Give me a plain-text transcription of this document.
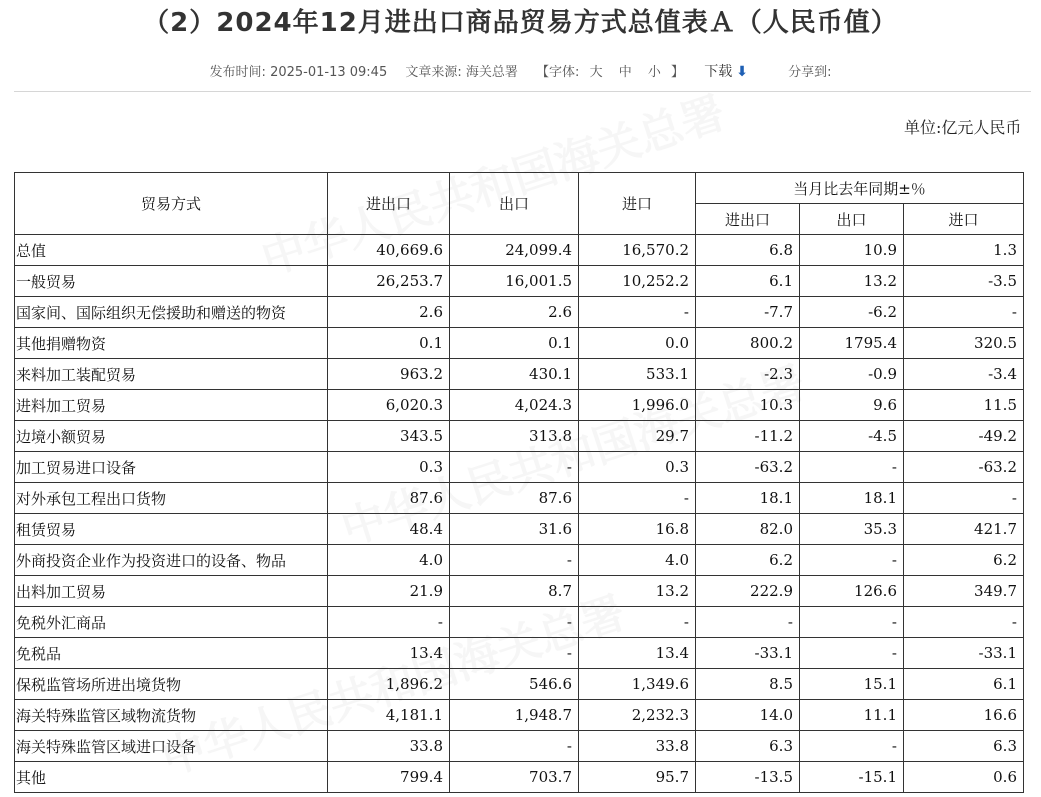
（2）2024年12月进出口商品贸易方式总值表Ａ（人民币值）
发布时间: 2025-01-13 09:45 文章来源: 海关总署 【字体: 大 中 小 】 下载 ⬇	分享到:
单位:亿元人民币
贸易方式	进出口	出口	进口	当月比去年同期±％		
				进出口	出口	进口
总值	40,669.6	24,099.4	16,570.2	6.8	10.9	1.3
一般贸易	26,253.7	16,001.5	10,252.2	6.1	13.2	-3.5
国家间、国际组织无偿援助和赠送的物资	2.6	2.6	-	-7.7	-6.2	-
其他捐赠物资	0.1	0.1	0.0	800.2	1795.4	320.5
来料加工装配贸易	963.2	430.1	533.1	-2.3	-0.9	-3.4
进料加工贸易	6,020.3	4,024.3	1,996.0	10.3	9.6	11.5
边境小额贸易	343.5	313.8	29.7	-11.2	-4.5	-49.2
加工贸易进口设备	0.3	-	0.3	-63.2	-	-63.2
对外承包工程出口货物	87.6	87.6	-	18.1	18.1	-
租赁贸易	48.4	31.6	16.8	82.0	35.3	421.7
外商投资企业作为投资进口的设备、物品	4.0	-	4.0	6.2	-	6.2
出料加工贸易	21.9	8.7	13.2	222.9	126.6	349.7
免税外汇商品	-	-	-	-	-	-
免税品	13.4	-	13.4	-33.1	-	-33.1
保税监管场所进出境货物	1,896.2	546.6	1,349.6	8.5	15.1	6.1
海关特殊监管区域物流货物	4,181.1	1,948.7	2,232.3	14.0	11.1	16.6
海关特殊监管区域进口设备	33.8	-	33.8	6.3	-	6.3
其他	799.4	703.7	95.7	-13.5	-15.1	0.6
